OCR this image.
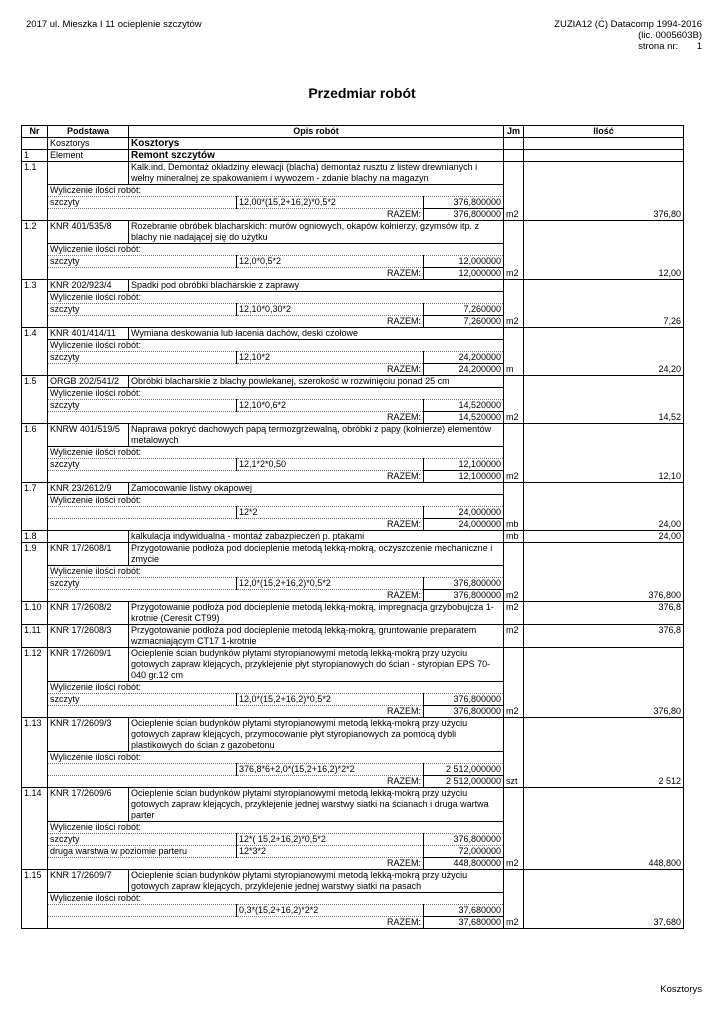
2017 ul. Mieszka I 11 ocieplenie szczytów	ZUZIA12 (C) Datacomp 1994-2016
(lic. 0005603B)
strona nr: 1
Przedmiar robót
Nr	Podstawa	Opis robót			Jm	Ilość
	Kosztorys	Kosztorys				
1	Element	Remont szczytów				
1.1		Kalk.ind. Demontaż okładziny elewacji (blacha) demontaż rusztu z listew drewnianych i wełny mineralnej ze spakowaniem i wywozem - zdanie blachy na magazyn				
	Wyliczenie ilości robót:					
	szczyty		12,00*(15,2+16,2)*0,5*2	376,800000		
	RAZEM:			376,800000	m2	376,80
1.2	KNR 401/535/8	Rozebranie obróbek blacharskich: murów ogniowych, okapów kołnierzy, gzymsów itp. z blachy nie nadającej się do użytku				
	Wyliczenie ilości robót:					
	szczyty		12,0*0,5*2	12,000000		
	RAZEM:			12,000000	m2	12,00
1.3	KNR 202/923/4	Spadki pod obróbki blacharskie z zaprawy				
	Wyliczenie ilości robót:					
	szczyty		12,10*0,30*2	7,260000		
	RAZEM:			7,260000	m2	7,26
1.4	KNR 401/414/11	Wymiana deskowania lub łacenia dachów, deski czołowe				
	Wyliczenie ilości robót:					
	szczyty		12,10*2	24,200000		
	RAZEM:			24,200000	m	24,20
1.5	ORGB 202/541/2	Obróbki blacharskie z blachy powlekanej, szerokość w rozwinięciu ponad 25 cm				
	Wyliczenie ilości robót:					
	szczyty		12,10*0,6*2	14,520000		
	RAZEM:			14,520000	m2	14,52
1.6	KNRW 401/519/5	Naprawa pokryć dachowych papą termozgrzewalną, obróbki z papy (kołnierze) elementów metalowych				
	Wyliczenie ilości robót:					
	szczyty		12,1*2*0,50	12,100000		
	RAZEM:			12,100000	m2	12,10
1.7	KNR 23/2612/9	Zamocowanie listwy okapowej				
	Wyliczenie ilości robót:					
			12*2	24,000000		
	RAZEM:			24,000000	mb	24,00
1.8		kalkulacja indywidualna - montaż zabazpieczeń p. ptakami			mb	24,00
1.9	KNR 17/2608/1	Przygotowanie podłoża pod docieplenie metodą lekką-mokrą, oczyszczenie mechaniczne i zmycie				
	Wyliczenie ilości robót:					
	szczyty		12,0*(15,2+16,2)*0,5*2	376,800000		
	RAZEM:			376,800000	m2	376,800
1.10	KNR 17/2608/2	Przygotowanie podłoża pod docieplenie metodą lekką-mokrą, impregnacja grzybobujcza 1-krotnie (Ceresit CT99)			m2	376,8
1.11	KNR 17/2608/3	Przygotowanie podłoża pod docieplenie metodą lekką-mokrą, gruntowanie preparatem wzmacniającym CT17 1-krotnie			m2	376,8
1.12	KNR 17/2609/1	Ocieplenie ścian budynków płytami styropianowymi metodą lekką-mokrą przy użyciu gotowych zapraw klejących, przyklejenie płyt styropianowych do ścian - styropian EPS 70- 040 gr.12 cm				
	Wyliczenie ilości robót:					
	szczyty		12,0*(15,2+16,2)*0,5*2	376,800000		
	RAZEM:			376,800000	m2	376,80
1.13	KNR 17/2609/3	Ocieplenie ścian budynków płytami styropianowymi metodą lekką-mokrą przy użyciu gotowych zapraw klejących, przymocowanie płyt styropianowych za pomocą dybli plastikowych do ścian z gazobetonu				
	Wyliczenie ilości robót:					
			376,8*6+2,0*(15,2+16,2)*2*2	2 512,000000		
	RAZEM:			2 512,000000	szt	2 512
1.14	KNR 17/2609/6	Ocieplenie ścian budynków płytami styropianowymi metodą lekką-mokrą przy użyciu gotowych zapraw klejących, przyklejenie jednej warstwy siatki na ścianach i druga wartwa parter				
	Wyliczenie ilości robót:					
	szczyty		12*( 15,2+16,2)*0,5*2	376,800000		
	druga warstwa w poziomie parteru		12*3*2	72,000000		
	RAZEM:			448,800000	m2	448,800
1.15	KNR 17/2609/7	Ocieplenie ścian budynków płytami styropianowymi metodą lekką-mokrą przy użyciu gotowych zapraw klejących, przyklejenie jednej warstwy siatki na pasach				
	Wyliczenie ilości robót:					
			0,3*(15,2+16,2)*2*2	37,680000		
	RAZEM:			37,680000	m2	37,680
Kosztorys
